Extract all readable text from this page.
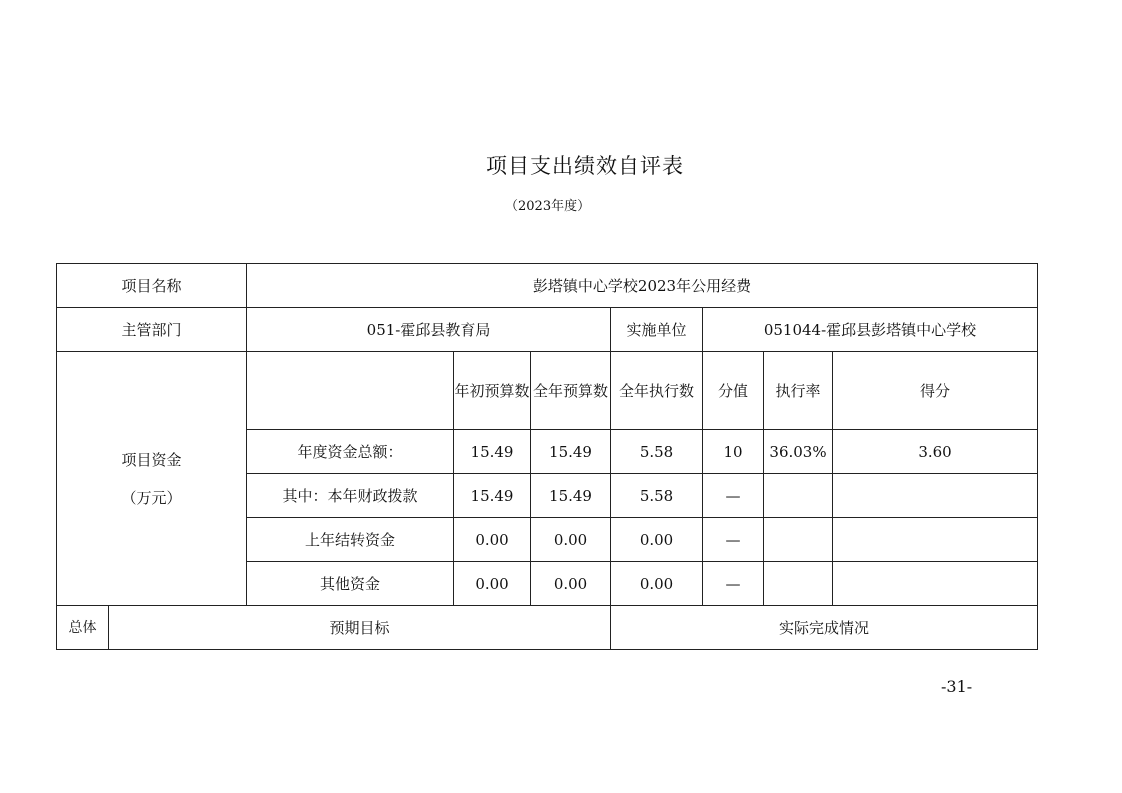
项目支出绩效自评表
（2023年度）
项目名称		彭塔镇中心学校2023年公用经费						
主管部门		051-霍邱县教育局			实施单位	051044-霍邱县彭塔镇中心学校		

项目资金
（万元）			年初预算数	全年预算数	全年执行数	分值	执行率	得分
		年度资金总额：	15.49	15.49	5.58	10	36.03%	3.60
		其中：本年财政拨款	15.49	15.49	5.58	—		
		上年结转资金	0.00	0.00	0.00	—		
		其他资金	0.00	0.00	0.00	—		
总体	预期目标				实际完成情况			
-31-
